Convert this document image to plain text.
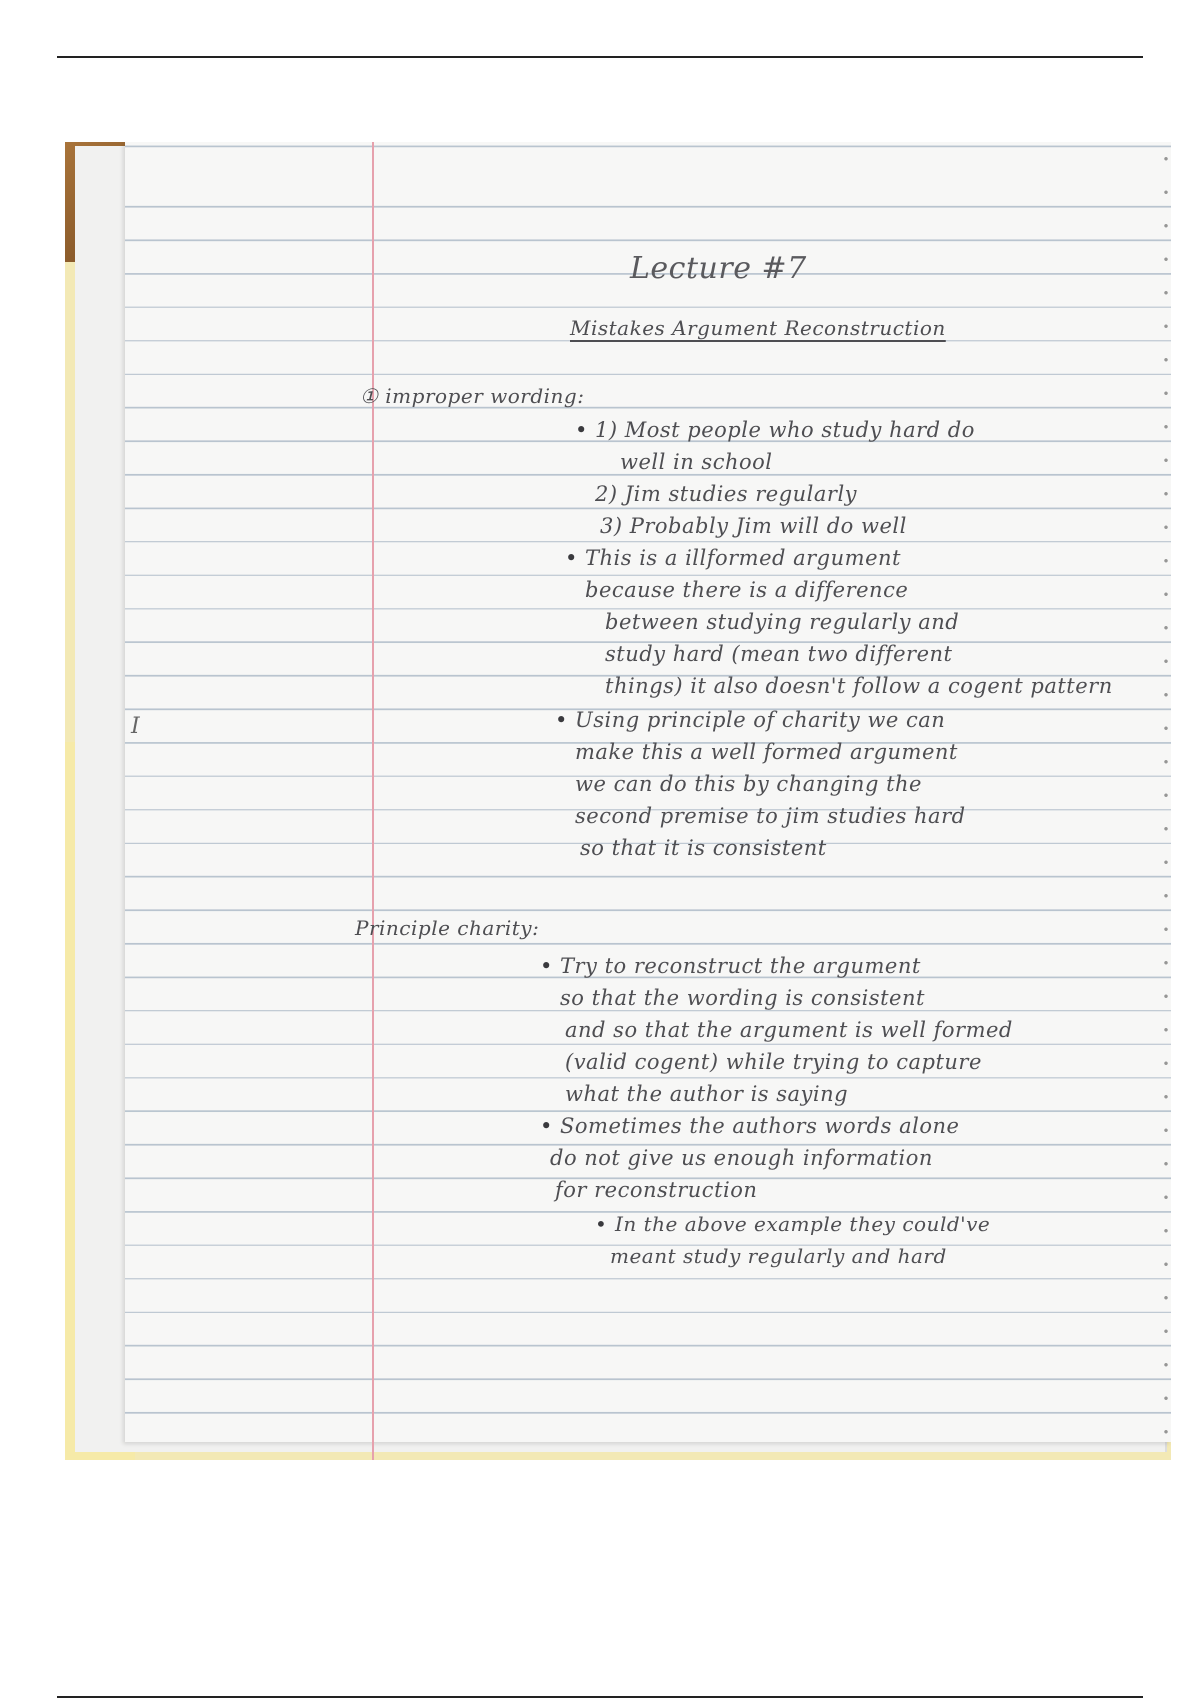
Lecture #7
Mistakes Argument Reconstruction
① improper wording:
• 1) Most people who study hard do
well in school
2) Jim studies regularly
3) Probably Jim will do well
• This is a illformed argument
because there is a difference
between studying regularly and
study hard (mean two different
things) it also doesn't follow a cogent pattern
• Using principle of charity we can
make this a well formed argument
we can do this by changing the
second premise to jim studies hard
so that it is consistent
Principle charity:
• Try to reconstruct the argument
so that the wording is consistent
and so that the argument is well formed
(valid cogent) while trying to capture
what the author is saying
• Sometimes the authors words alone
do not give us enough information
for reconstruction
• In the above example they could've
meant study regularly and hard
I
